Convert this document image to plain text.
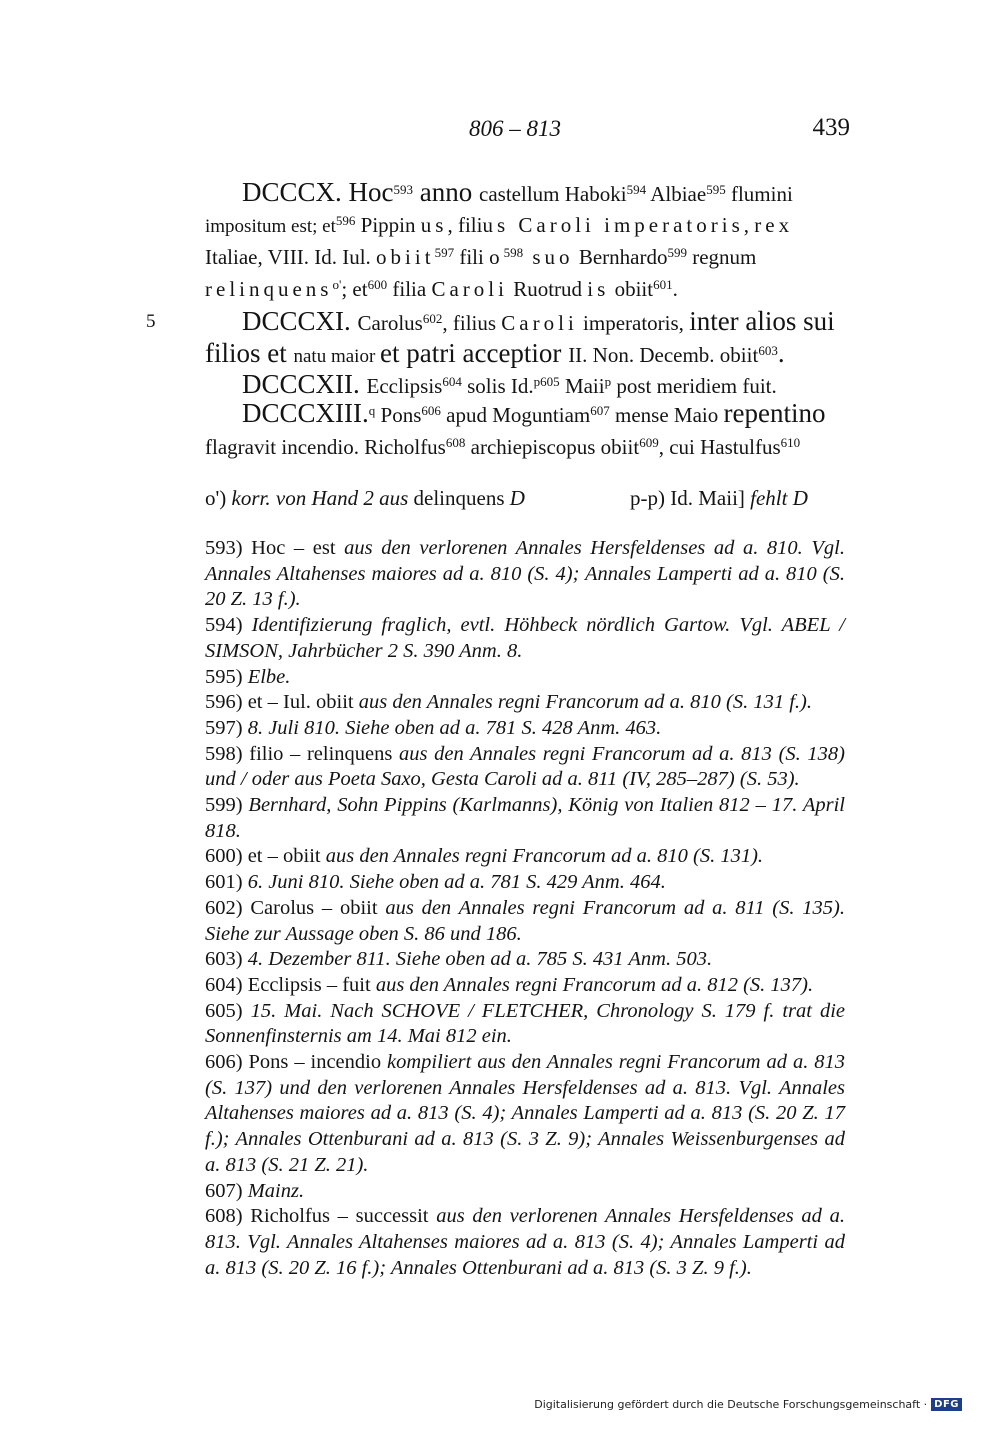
806 – 813	439
5
DCCCX. Hoc$^{593}$ anno castellum Haboki$^{594}$ Albiae$^{595}$ flumini
impositum est; $et^{596}$ Pippin us, filius Caroli imperatoris, rex
Italiae, VIII. Id. Iul. obiit$^{597}$ fili $o^{598}$ suo Bernhardo$^{599}$ regnum
relinquens$^{o'}$; $et^{600}$ filia Caroli Ruotrud is obiit$^{601}$.
DCCCXI. Carolus$^{602}$, filius Caroli imperatoris, inter alios sui
filios et natu maior et patri acceptior II. Non. Decemb. obiit$^{603}$.
DCCCXII. Ecclipsis$^{604}$ solis Id.$^{p605}$ Maii$^p$ post meridiem fuit.
DCCCXIII.$^q$ Pons$^{606}$ apud Moguntiam$^{607}$ mense Maio repentino
flagravit incendio. Richolfus$^{608}$ archiepiscopus obiit$^{609}$, cui Hastulfus$^{610}$
o') korr. von Hand 2 aus delinquens D	p-p) Id. Maii] fehlt D
593) Hoc – est aus den verlorenen Annales Hersfeldenses ad a. 810. Vgl. Annales Altahenses maiores ad a. 810 (S. 4); Annales Lamperti ad a. 810 (S. 20 Z. 13 f.).
594) Identifizierung fraglich, evtl. Höhbeck nördlich Gartow. Vgl. ABEL / SIMSON, Jahrbücher 2 S. 390 Anm. 8.
595) Elbe.
596) et – Iul. obiit aus den Annales regni Francorum ad a. 810 (S. 131 f.).
597) 8. Juli 810. Siehe oben ad a. 781 S. 428 Anm. 463.
598) filio – relinquens aus den Annales regni Francorum ad a. 813 (S. 138) und / oder aus Poeta Saxo, Gesta Caroli ad a. 811 (IV, 285–287) (S. 53).
599) Bernhard, Sohn Pippins (Karlmanns), König von Italien 812 – 17. April 818.
600) et – obiit aus den Annales regni Francorum ad a. 810 (S. 131).
601) 6. Juni 810. Siehe oben ad a. 781 S. 429 Anm. 464.
602) Carolus – obiit aus den Annales regni Francorum ad a. 811 (S. 135). Siehe zur Aussage oben S. 86 und 186.
603) 4. Dezember 811. Siehe oben ad a. 785 S. 431 Anm. 503.
604) Ecclipsis – fuit aus den Annales regni Francorum ad a. 812 (S. 137).
605) 15. Mai. Nach SCHOVE / FLETCHER, Chronology S. 179 f. trat die Sonnenfinsternis am 14. Mai 812 ein.
606) Pons – incendio kompiliert aus den Annales regni Francorum ad a. 813 (S. 137) und den verlorenen Annales Hersfeldenses ad a. 813. Vgl. Annales Altahenses maiores ad a. 813 (S. 4); Annales Lamperti ad a. 813 (S. 20 Z. 17 f.); Annales Ottenburani ad a. 813 (S. 3 Z. 9); Annales Weissenburgenses ad a. 813 (S. 21 Z. 21).
607) Mainz.
608) Richolfus – successit aus den verlorenen Annales Hersfeldenses ad a. 813. Vgl. Annales Altahenses maiores ad a. 813 (S. 4); Annales Lamperti ad a. 813 (S. 20 Z. 16 f.); Annales Ottenburani ad a. 813 (S. 3 Z. 9 f.).
Digitalisierung gefördert durch die Deutsche Forschungsgemeinschaft · DFG
